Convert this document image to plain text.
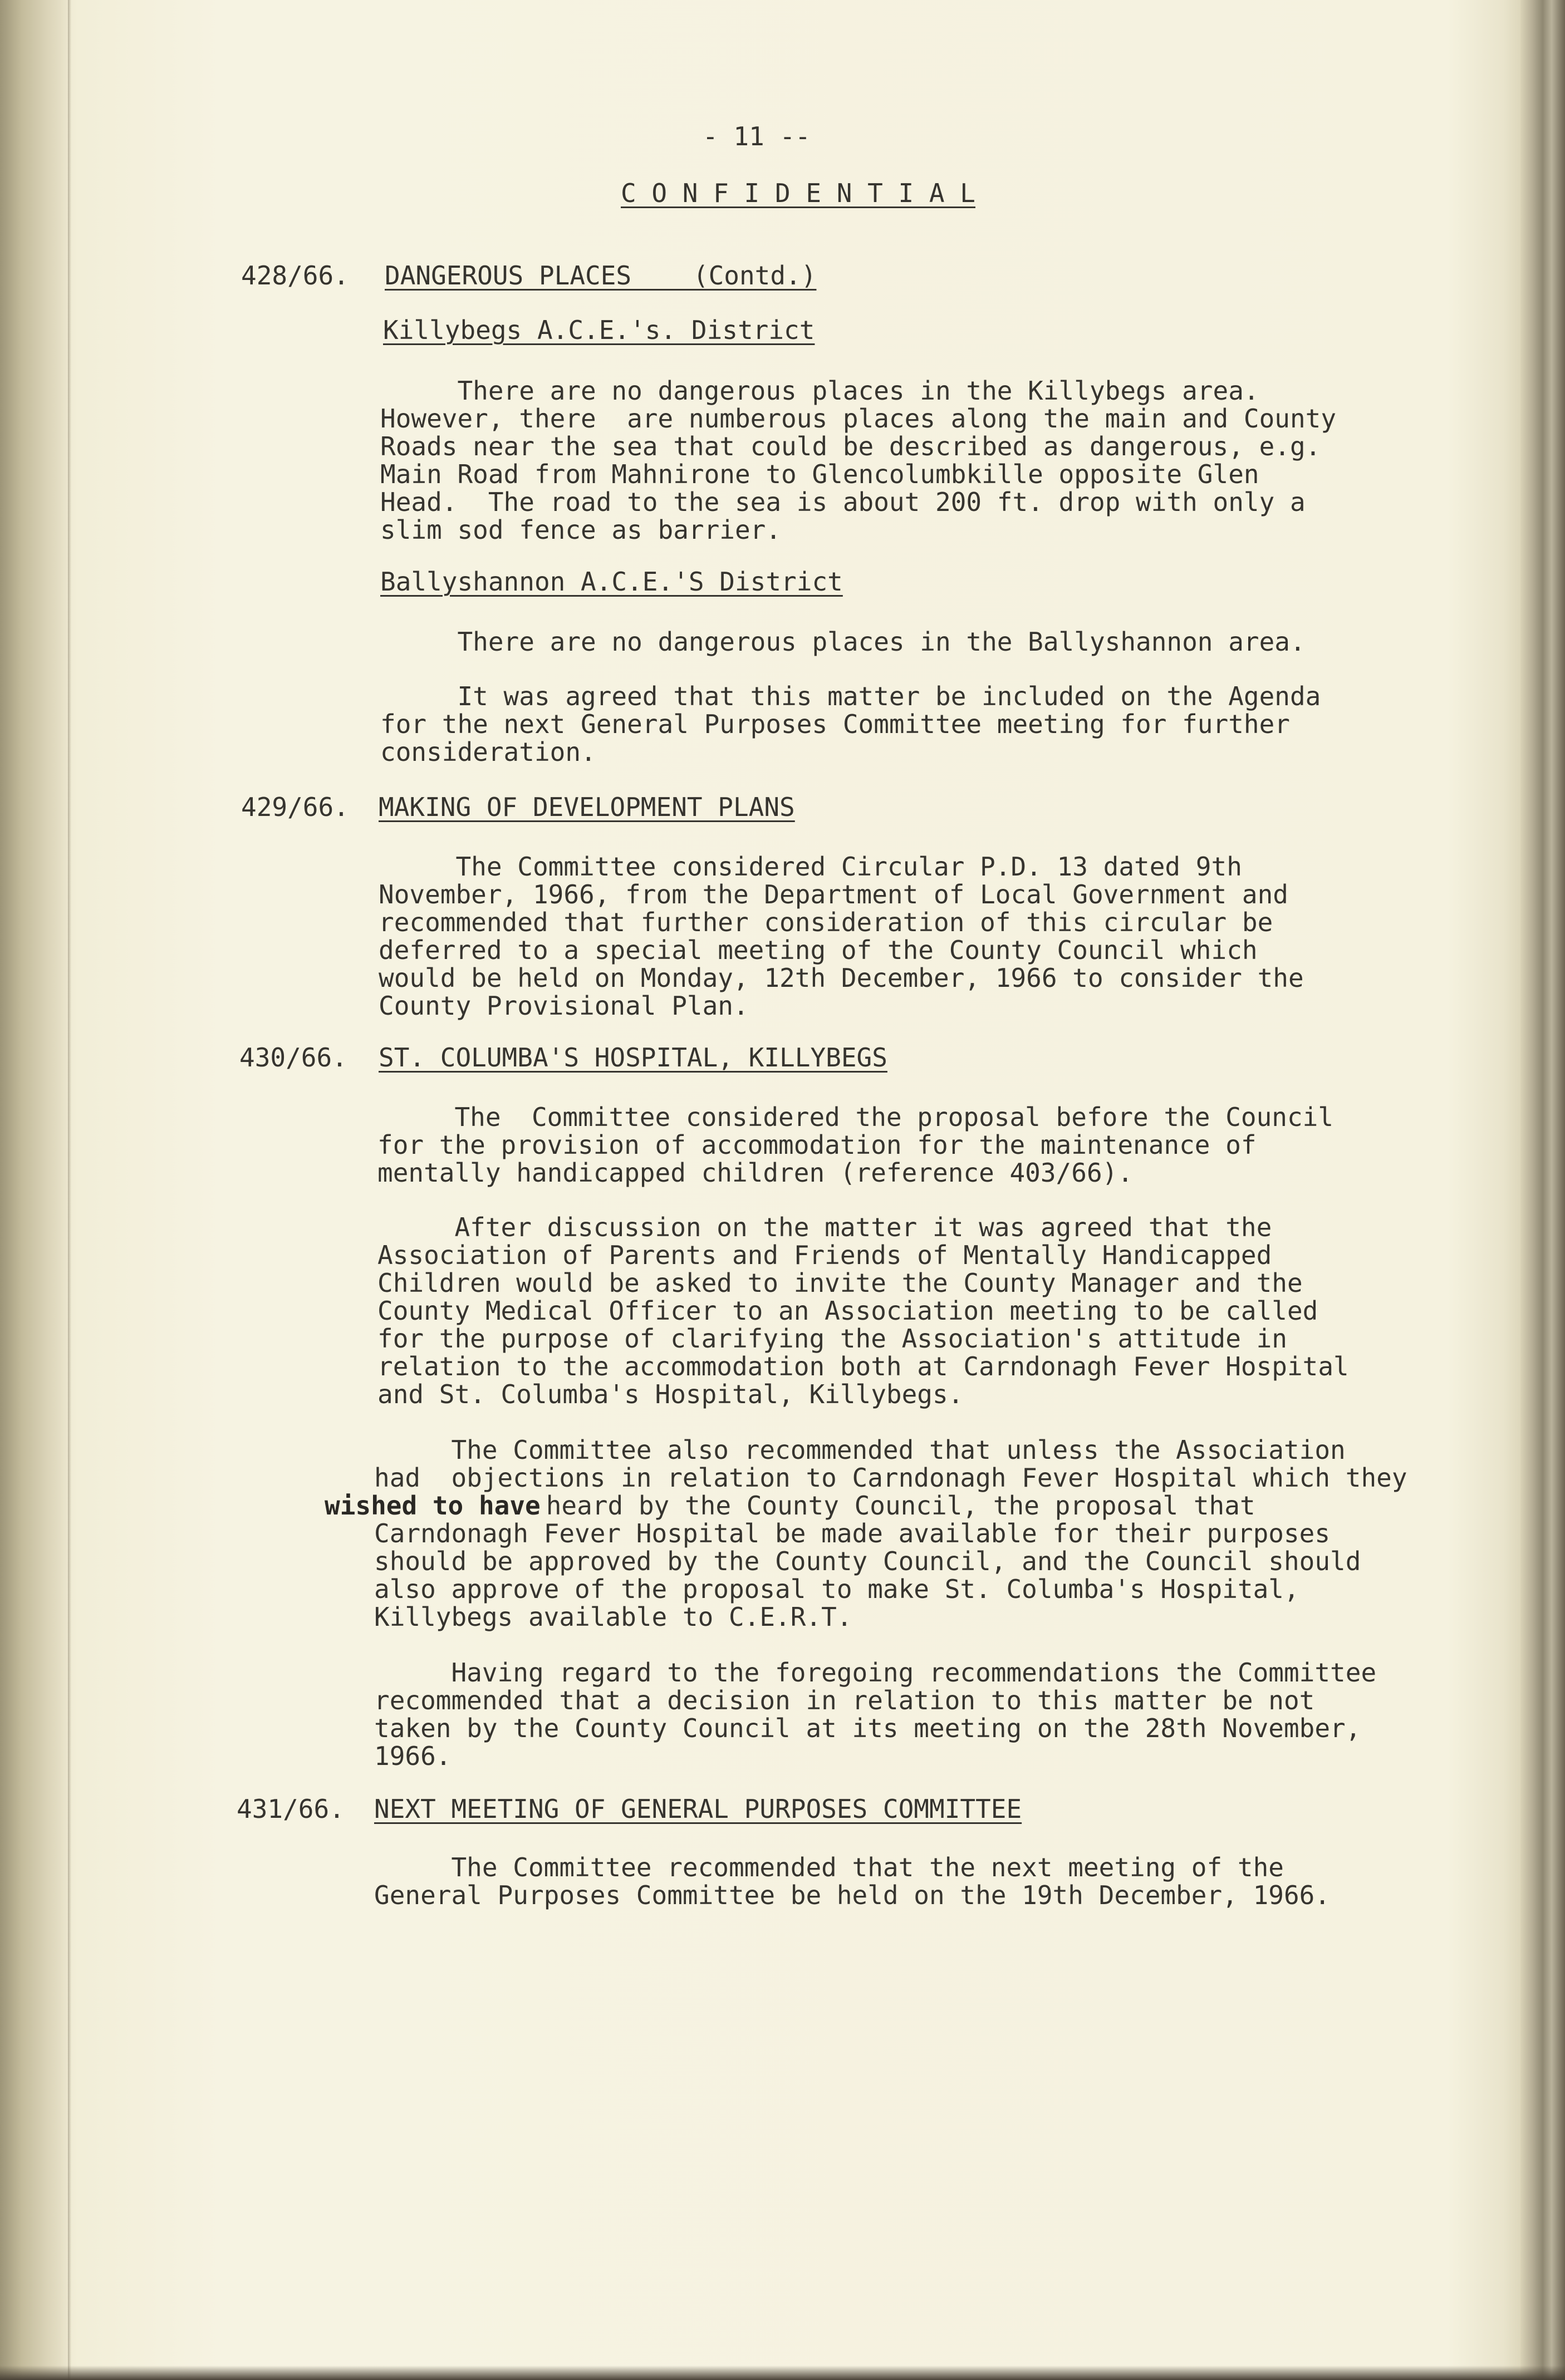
- 11 --
C O N F I D E N T I A L
428/66. DANGEROUS PLACES    (Contd.)
Killybegs A.C.E.'s. District
There are no dangerous places in the Killybegs area.
However, there  are numberous places along the main and County
Roads near the sea that could be described as dangerous, e.g.
Main Road from Mahnirone to Glencolumbkille opposite Glen
Head.  The road to the sea is about 200 ft. drop with only a
slim sod fence as barrier.
Ballyshannon A.C.E.'S District
There are no dangerous places in the Ballyshannon area.
It was agreed that this matter be included on the Agenda
for the next General Purposes Committee meeting for further
consideration.
429/66. MAKING OF DEVELOPMENT PLANS
The Committee considered Circular P.D. 13 dated 9th
November, 1966, from the Department of Local Government and
recommended that further consideration of this circular be
deferred to a special meeting of the County Council which
would be held on Monday, 12th December, 1966 to consider the
County Provisional Plan.
430/66. ST. COLUMBA'S HOSPITAL, KILLYBEGS
The  Committee considered the proposal before the Council
for the provision of accommodation for the maintenance of
mentally handicapped children (reference 403/66).
After discussion on the matter it was agreed that the
Association of Parents and Friends of Mentally Handicapped
Children would be asked to invite the County Manager and the
County Medical Officer to an Association meeting to be called
for the purpose of clarifying the Association's attitude in
relation to the accommodation both at Carndonagh Fever Hospital
and St. Columba's Hospital, Killybegs.
The Committee also recommended that unless the Association
had  objections in relation to Carndonagh Fever Hospital which they
wished to have
heard by the County Council, the proposal that
Carndonagh Fever Hospital be made available for their purposes
should be approved by the County Council, and the Council should
also approve of the proposal to make St. Columba's Hospital,
Killybegs available to C.E.R.T.
Having regard to the foregoing recommendations the Committee
recommended that a decision in relation to this matter be not
taken by the County Council at its meeting on the 28th November,
1966.
431/66. NEXT MEETING OF GENERAL PURPOSES COMMITTEE
The Committee recommended that the next meeting of the
General Purposes Committee be held on the 19th December, 1966.
